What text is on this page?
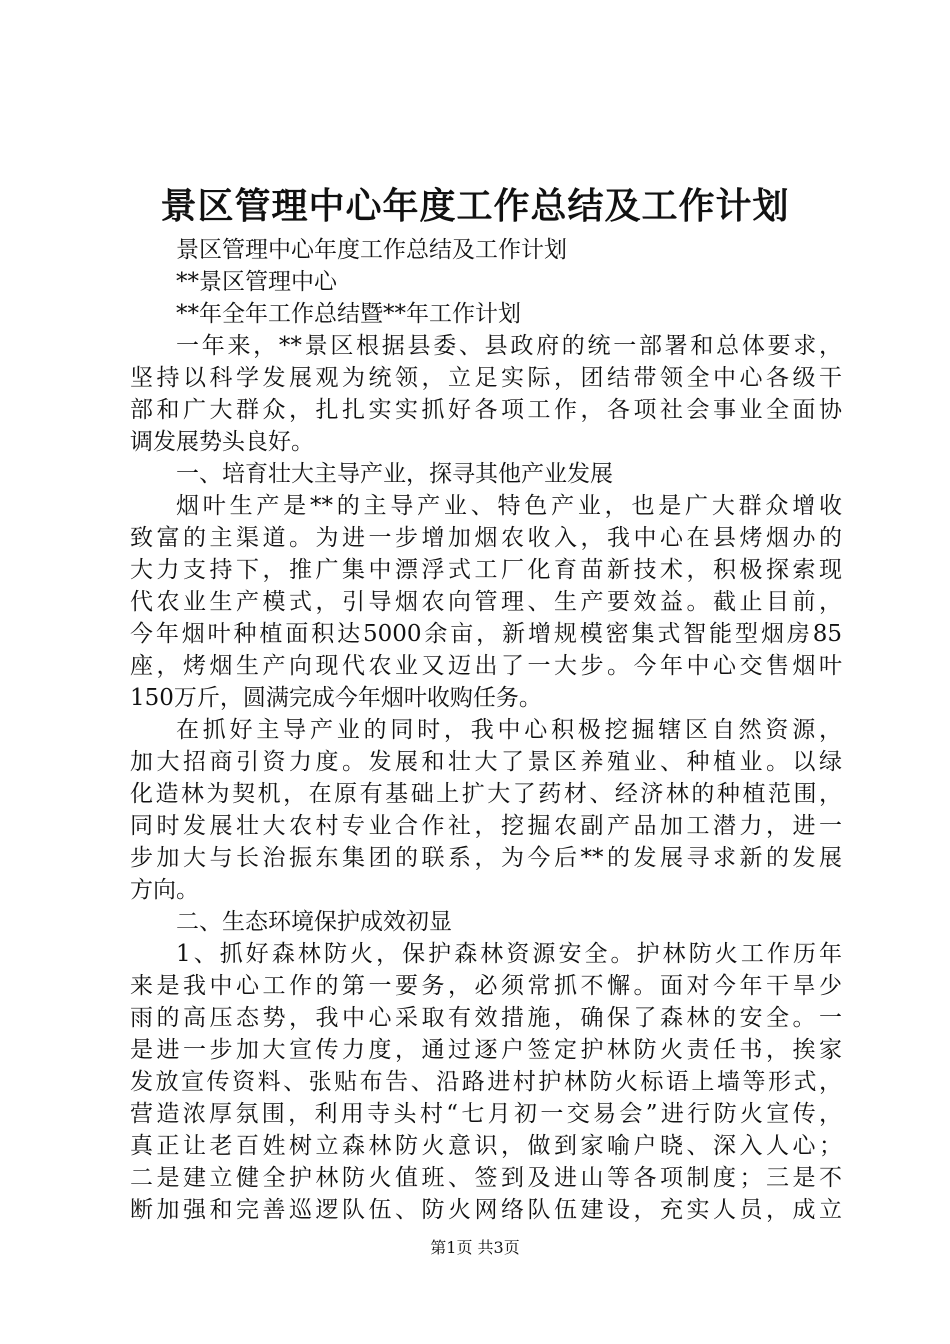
景区管理中心年度工作总结及工作计划
景区管理中心年度工作总结及工作计划
**景区管理中心
**年全年工作总结暨**年工作计划
一年来，**景区根据县委、县政府的统一部署和总体要求，
坚持以科学发展观为统领，立足实际，团结带领全中心各级干
部和广大群众，扎扎实实抓好各项工作，各项社会事业全面协
调发展势头良好。
一、培育壮大主导产业，探寻其他产业发展
烟叶生产是**的主导产业、特色产业，也是广大群众增收
致富的主渠道。为进一步增加烟农收入，我中心在县烤烟办的
大力支持下，推广集中漂浮式工厂化育苗新技术，积极探索现
代农业生产模式，引导烟农向管理、生产要效益。截止目前，
今年烟叶种植面积达5000余亩，新增规模密集式智能型烟房85
座，烤烟生产向现代农业又迈出了一大步。今年中心交售烟叶
150万斤，圆满完成今年烟叶收购任务。
在抓好主导产业的同时，我中心积极挖掘辖区自然资源，
加大招商引资力度。发展和壮大了景区养殖业、种植业。以绿
化造林为契机，在原有基础上扩大了药材、经济林的种植范围，
同时发展壮大农村专业合作社，挖掘农副产品加工潜力，进一
步加大与长治振东集团的联系，为今后**的发展寻求新的发展
方向。
二、生态环境保护成效初显
1、抓好森林防火，保护森林资源安全。护林防火工作历年
来是我中心工作的第一要务，必须常抓不懈。面对今年干旱少
雨的高压态势，我中心采取有效措施，确保了森林的安全。一
是进一步加大宣传力度，通过逐户签定护林防火责任书，挨家
发放宣传资料、张贴布告、沿路进村护林防火标语上墙等形式，
营造浓厚氛围，利用寺头村“七月初一交易会”进行防火宣传，
真正让老百姓树立森林防火意识，做到家喻户晓、深入人心；
二是建立健全护林防火值班、签到及进山等各项制度；三是不
断加强和完善巡逻队伍、防火网络队伍建设，充实人员，成立
第1页 共3页
